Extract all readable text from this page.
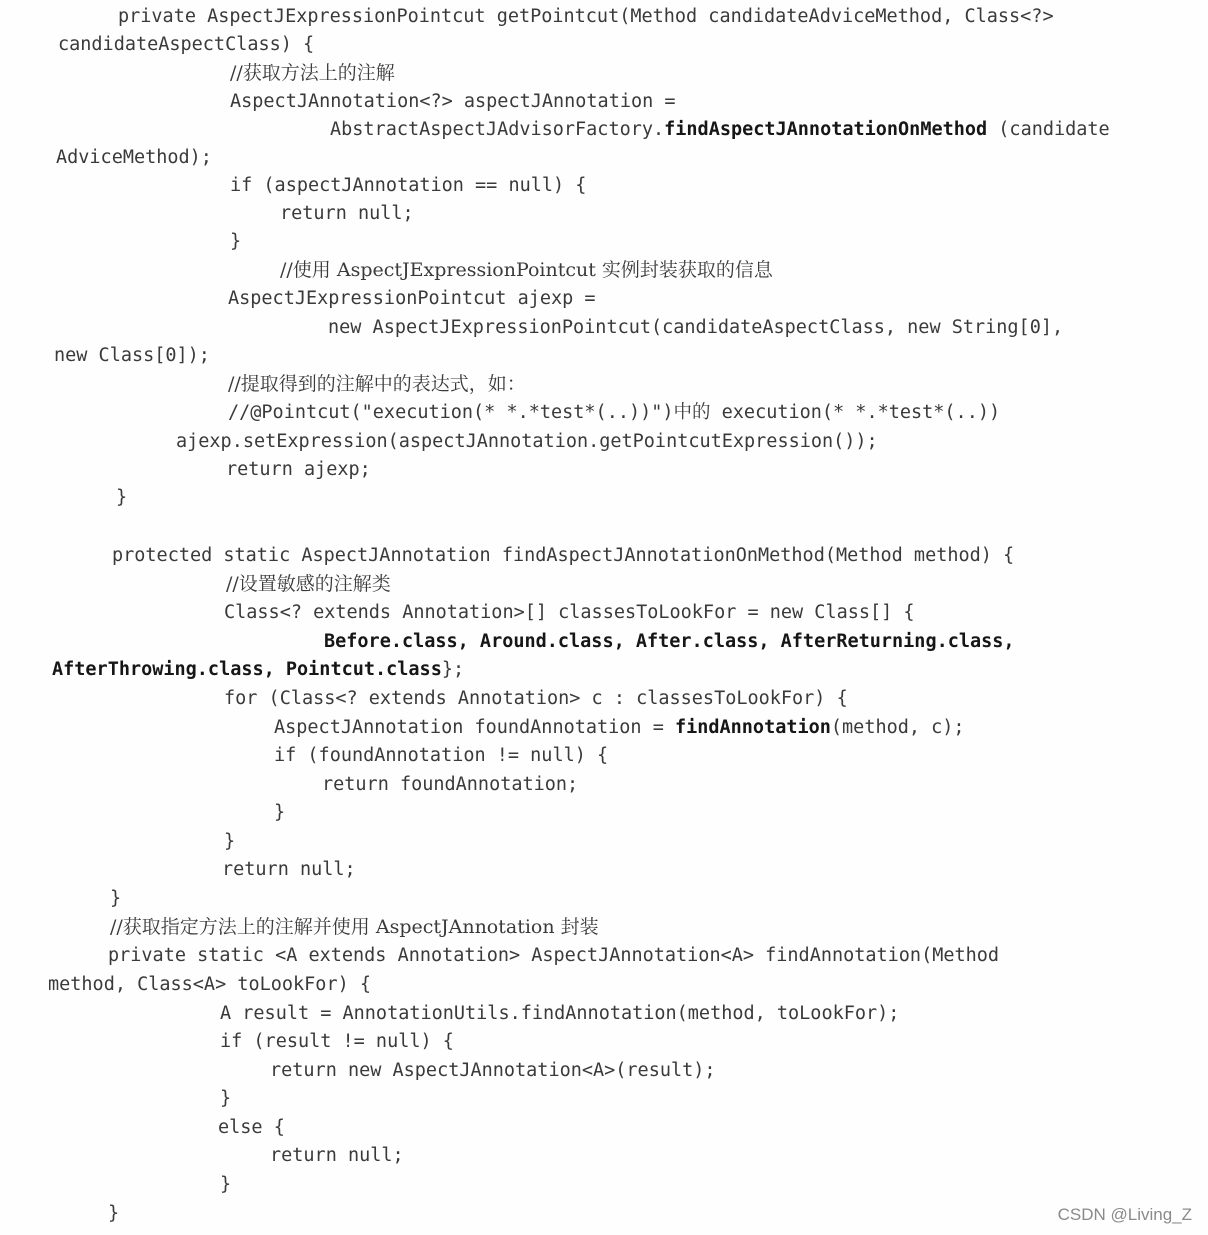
private AspectJExpressionPointcut getPointcut(Method candidateAdviceMethod, Class<?>
candidateAspectClass) {
//获取方法上的注解
AspectJAnnotation<?> aspectJAnnotation =
AbstractAspectJAdvisorFactory.findAspectJAnnotationOnMethod (candidate
AdviceMethod);
if (aspectJAnnotation == null) {
return null;
}
//使用 AspectJExpressionPointcut 实例封装获取的信息
AspectJExpressionPointcut ajexp =
new AspectJExpressionPointcut(candidateAspectClass, new String[0],
new Class[0]);
//提取得到的注解中的表达式，如：
//@Pointcut("execution(* *.*test*(..))")中的 execution(* *.*test*(..))
ajexp.setExpression(aspectJAnnotation.getPointcutExpression());
return ajexp;
}
protected static AspectJAnnotation findAspectJAnnotationOnMethod(Method method) {
//设置敏感的注解类
Class<? extends Annotation>[] classesToLookFor = new Class[] {
Before.class, Around.class, After.class, AfterReturning.class,
AfterThrowing.class, Pointcut.class};
for (Class<? extends Annotation> c : classesToLookFor) {
AspectJAnnotation foundAnnotation = findAnnotation(method, c);
if (foundAnnotation != null) {
return foundAnnotation;
}
}
return null;
}
//获取指定方法上的注解并使用 AspectJAnnotation 封装
private static <A extends Annotation> AspectJAnnotation<A> findAnnotation(Method
method, Class<A> toLookFor) {
A result = AnnotationUtils.findAnnotation(method, toLookFor);
if (result != null) {
return new AspectJAnnotation<A>(result);
}
else {
return null;
}
}	CSDN @Living_Z
